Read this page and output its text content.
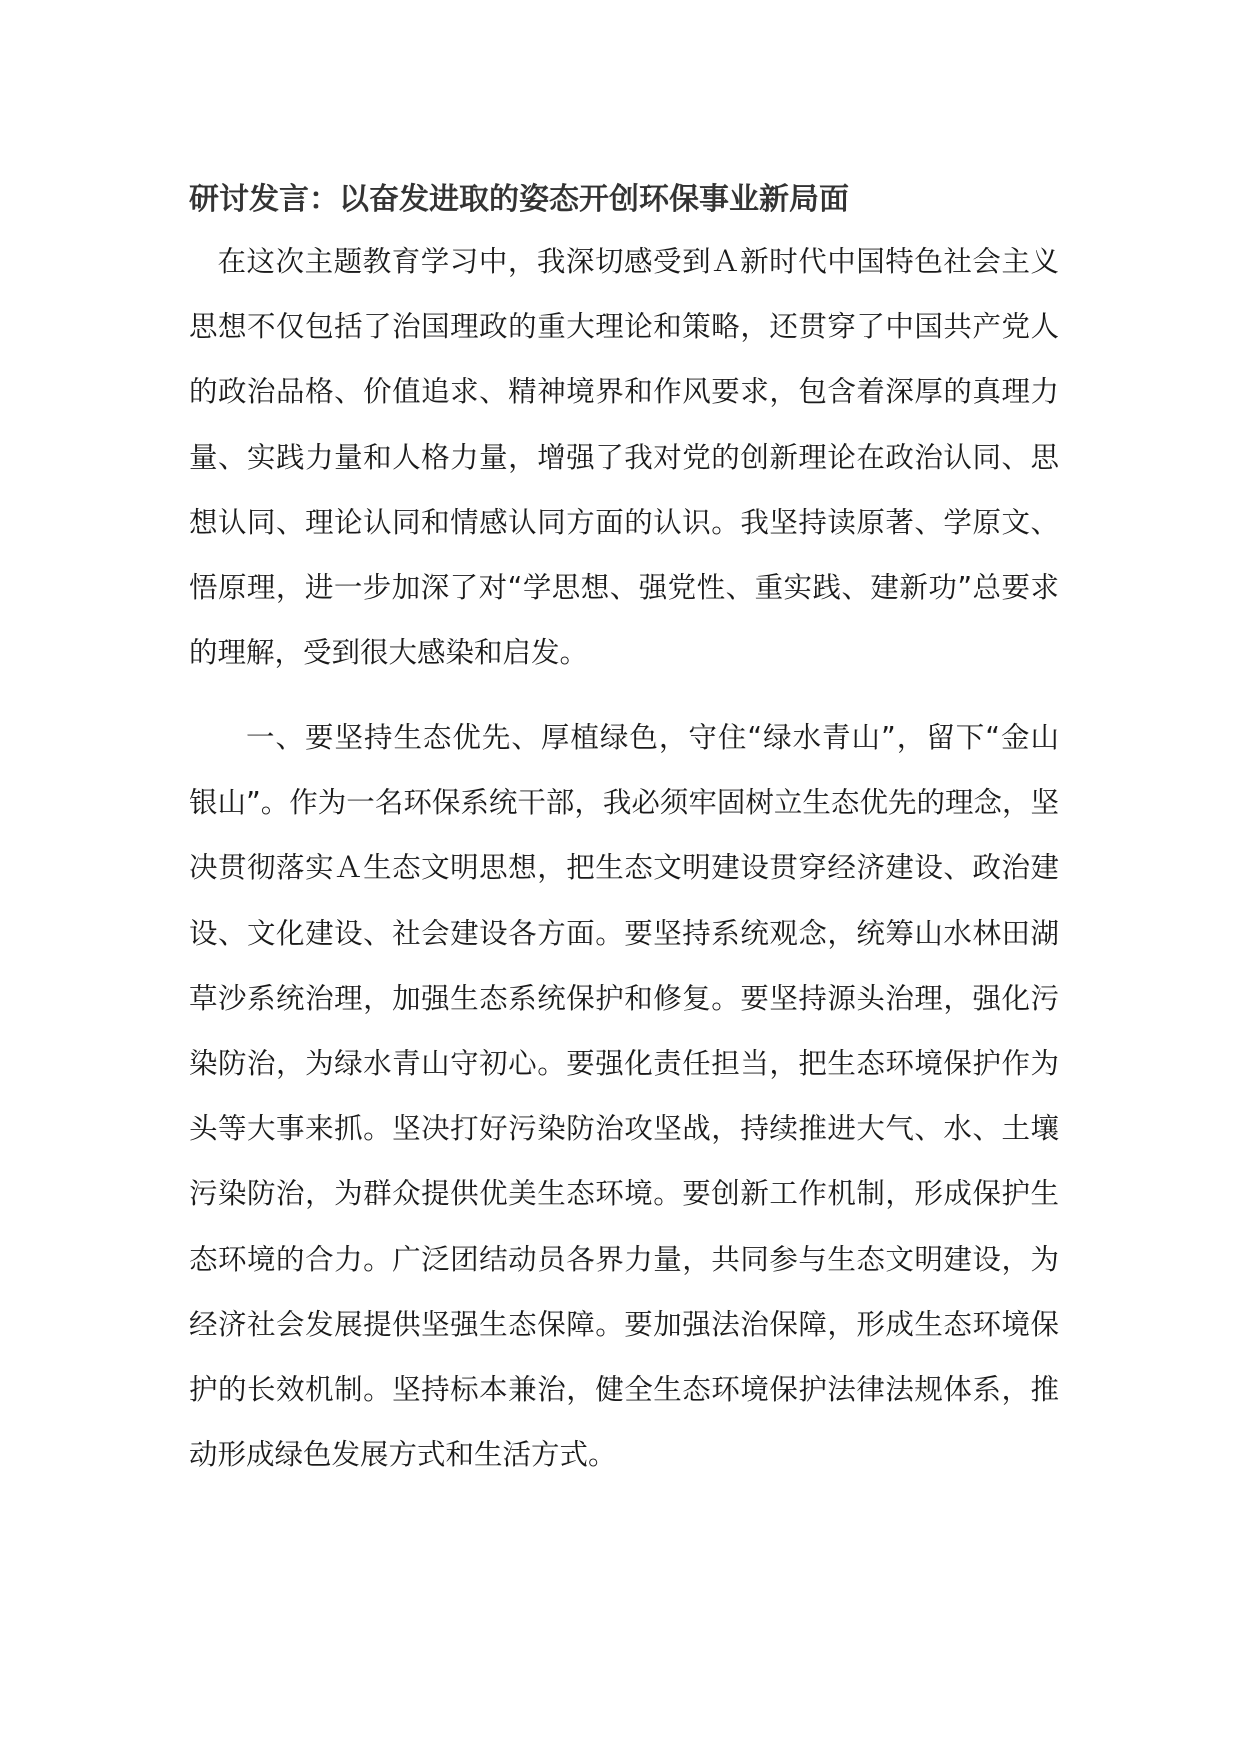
研讨发言：以奋发进取的姿态开创环保事业新局面

在这次主题教育学习中，我深切感受到Ａ新时代中国特色社会主义思想不仅包括了治国理政的重大理论和策略，还贯穿了中国共产党人的政治品格、价值追求、精神境界和作风要求，包含着深厚的真理力量、实践力量和人格力量，增强了我对党的创新理论在政治认同、思想认同、理论认同和情感认同方面的认识。我坚持读原著、学原文、悟原理，进一步加深了对“学思想、强党性、重实践、建新功”总要求的理解，受到很大感染和启发。

一、要坚持生态优先、厚植绿色，守住“绿水青山”，留下“金山银山”。作为一名环保系统干部，我必须牢固树立生态优先的理念，坚决贯彻落实Ａ生态文明思想，把生态文明建设贯穿经济建设、政治建设、文化建设、社会建设各方面。要坚持系统观念，统筹山水林田湖草沙系统治理，加强生态系统保护和修复。要坚持源头治理，强化污染防治，为绿水青山守初心。要强化责任担当，把生态环境保护作为头等大事来抓。坚决打好污染防治攻坚战，持续推进大气、水、土壤污染防治，为群众提供优美生态环境。要创新工作机制，形成保护生态环境的合力。广泛团结动员各界力量，共同参与生态文明建设，为经济社会发展提供坚强生态保障。要加强法治保障，形成生态环境保护的长效机制。坚持标本兼治，健全生态环境保护法律法规体系，推动形成绿色发展方式和生活方式。
